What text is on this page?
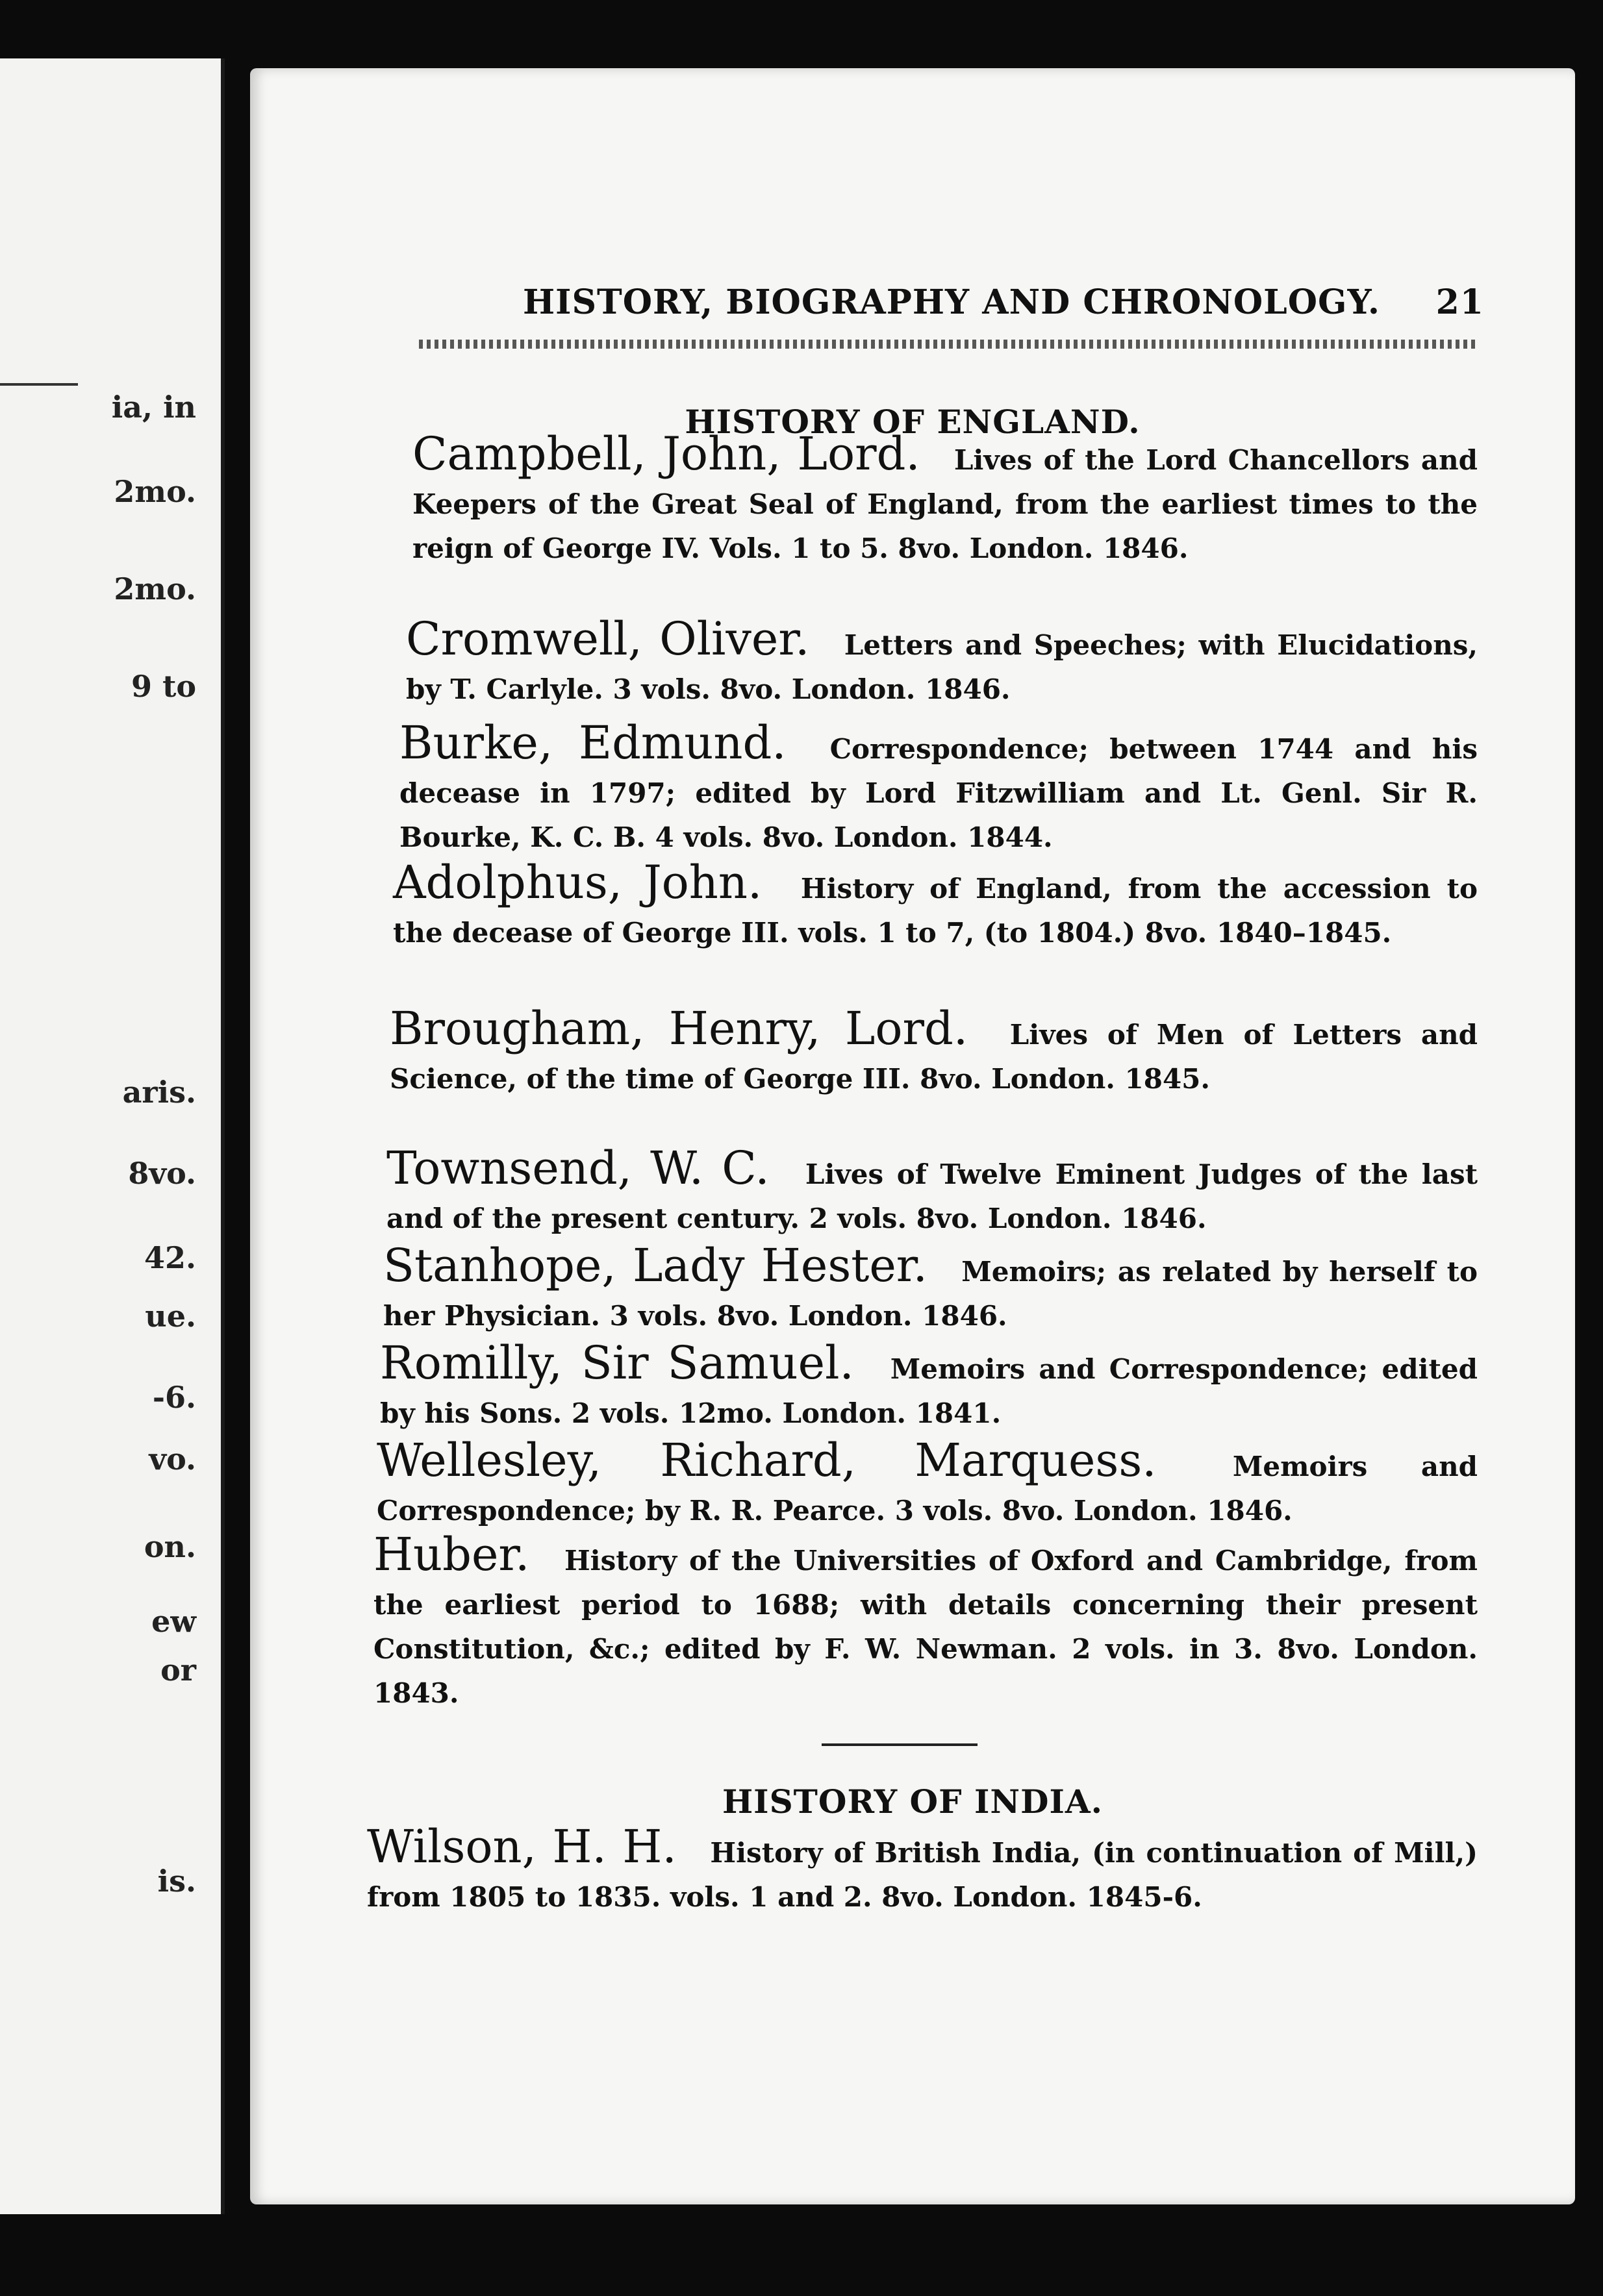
ia, in
2mo.
2mo.
9 to
aris.
8vo.
42.
ue.
-6.
vo.
on.
ew
or
is.
HISTORY, BIOGRAPHY AND CHRONOLOGY. 21
HISTORY OF ENGLAND.
Campbell, John, Lord. Lives of the Lord Chancellors and Keepers of the Great Seal of England, from the earliest times to the reign of George IV. Vols. 1 to 5. 8vo. London. 1846.
Cromwell, Oliver. Letters and Speeches; with Elucidations, by T. Carlyle. 3 vols. 8vo. London. 1846.
Burke, Edmund. Correspondence; between 1744 and his decease in 1797; edited by Lord Fitzwilliam and Lt. Genl. Sir R. Bourke, K. C. B. 4 vols. 8vo. London. 1844.
Adolphus, John. History of England, from the accession to the decease of George III. vols. 1 to 7, (to 1804.) 8vo. 1840–1845.
Brougham, Henry, Lord. Lives of Men of Letters and Science, of the time of George III. 8vo. London. 1845.
Townsend, W. C. Lives of Twelve Eminent Judges of the last and of the present century. 2 vols. 8vo. London. 1846.
Stanhope, Lady Hester. Memoirs; as related by herself to her Physician. 3 vols. 8vo. London. 1846.
Romilly, Sir Samuel. Memoirs and Correspondence; edited by his Sons. 2 vols. 12mo. London. 1841.
Wellesley, Richard, Marquess.	Memoirs and Correspondence; by R. R. Pearce. 3 vols. 8vo. London. 1846.
Huber. History of the Universities of Oxford and Cambridge, from the earliest period to 1688; with details concerning their present Constitution, &c.; edited by F. W. Newman. 2 vols. in 3. 8vo. London. 1843.
HISTORY OF INDIA.
Wilson, H. H. History of British India, (in continuation of Mill,) from 1805 to 1835. vols. 1 and 2. 8vo. London. 1845-6.
